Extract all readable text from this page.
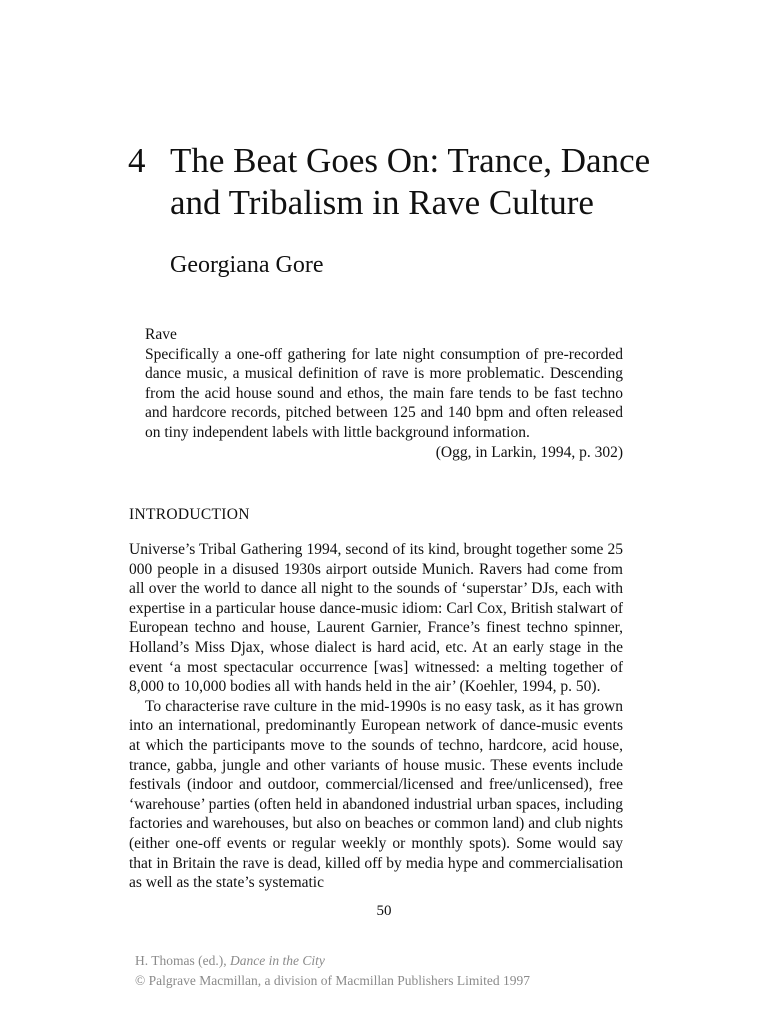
4 The Beat Goes On: Trance, Dance and Tribalism in Rave Culture
Georgiana Gore

Rave

Specifically a one-off gathering for late night consumption of pre-recorded dance music, a musical definition of rave is more problematic. Descending from the acid house sound and ethos, the main fare tends to be fast techno and hardcore records, pitched between 125 and 140 bpm and often released on tiny independent labels with little background information.

(Ogg, in Larkin, 1994, p. 302)

INTRODUCTION

Universe’s Tribal Gathering 1994, second of its kind, brought together some 25 000 people in a disused 1930s airport outside Munich. Ravers had come from all over the world to dance all night to the sounds of ‘superstar’ DJs, each with expertise in a particular house dance-music idiom: Carl Cox, British stalwart of European techno and house, Laurent Garnier, France’s finest techno spinner, Holland’s Miss Djax, whose dialect is hard acid, etc. At an early stage in the event ‘a most spectacular occurrence [was] witnessed: a melting together of 8,000 to 10,000 bodies all with hands held in the air’ (Koehler, 1994, p. 50).

To characterise rave culture in the mid-1990s is no easy task, as it has grown into an international, predominantly European network of dance-music events at which the participants move to the sounds of techno, hardcore, acid house, trance, gabba, jungle and other variants of house music. These events include festivals (indoor and outdoor, commercial/licensed and free/unlicensed), free ‘warehouse’ parties (often held in abandoned industrial urban spaces, including factories and warehouses, but also on beaches or common land) and club nights (either one-off events or regular weekly or monthly spots). Some would say that in Britain the rave is dead, killed off by media hype and commercialisation as well as the state’s systematic

50
H. Thomas (ed.), Dance in the City
© Palgrave Macmillan, a division of Macmillan Publishers Limited 1997
